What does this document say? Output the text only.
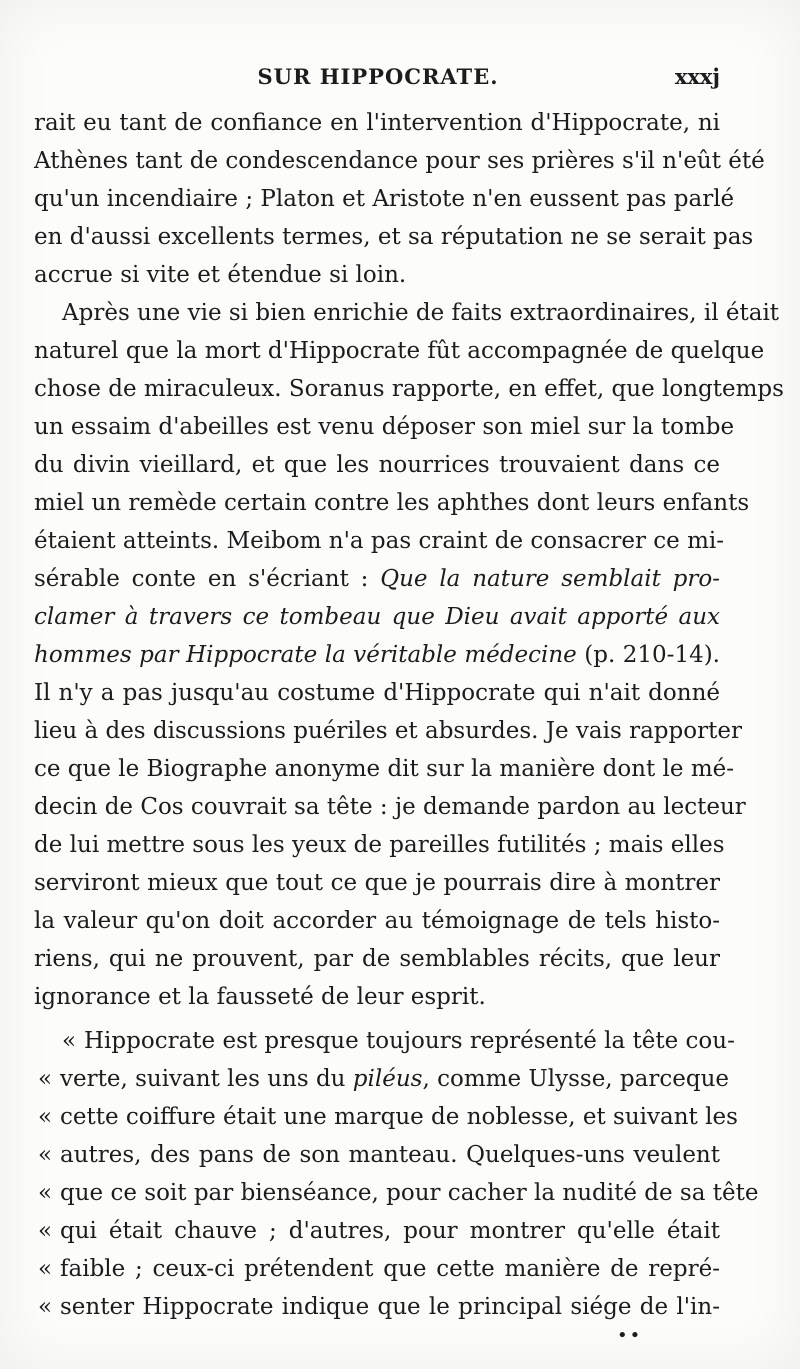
SUR HIPPOCRATE.	xxxj
rait eu tant de confiance en l'intervention d'Hippocrate, ni
Athènes tant de condescendance pour ses prières s'il n'eût été
qu'un incendiaire ; Platon et Aristote n'en eussent pas parlé
en d'aussi excellents termes, et sa réputation ne se serait pas
accrue si vite et étendue si loin.
Après une vie si bien enrichie de faits extraordinaires, il était
naturel que la mort d'Hippocrate fût accompagnée de quelque
chose de miraculeux. Soranus rapporte, en effet, que longtemps
un essaim d'abeilles est venu déposer son miel sur la tombe
du divin vieillard, et que les nourrices trouvaient dans ce
miel un remède certain contre les aphthes dont leurs enfants
étaient atteints. Meibom n'a pas craint de consacrer ce mi-
sérable conte en s'écriant : Que la nature semblait pro-
clamer à travers ce tombeau que Dieu avait apporté aux
hommes par Hippocrate la véritable médecine (p. 210-14).
Il n'y a pas jusqu'au costume d'Hippocrate qui n'ait donné
lieu à des discussions puériles et absurdes. Je vais rapporter
ce que le Biographe anonyme dit sur la manière dont le mé-
decin de Cos couvrait sa tête : je demande pardon au lecteur
de lui mettre sous les yeux de pareilles futilités ; mais elles
serviront mieux que tout ce que je pourrais dire à montrer
la valeur qu'on doit accorder au témoignage de tels histo-
riens, qui ne prouvent, par de semblables récits, que leur
ignorance et la fausseté de leur esprit.
« Hippocrate est presque toujours représenté la tête cou-
« verte, suivant les uns du piléus, comme Ulysse, parceque
« cette coiffure était une marque de noblesse, et suivant les
« autres, des pans de son manteau. Quelques-uns veulent
« que ce soit par bienséance, pour cacher la nudité de sa tête
« qui était chauve ; d'autres, pour montrer qu'elle était
« faible ; ceux-ci prétendent que cette manière de repré-
« senter Hippocrate indique que le principal siége de l'in-
••
